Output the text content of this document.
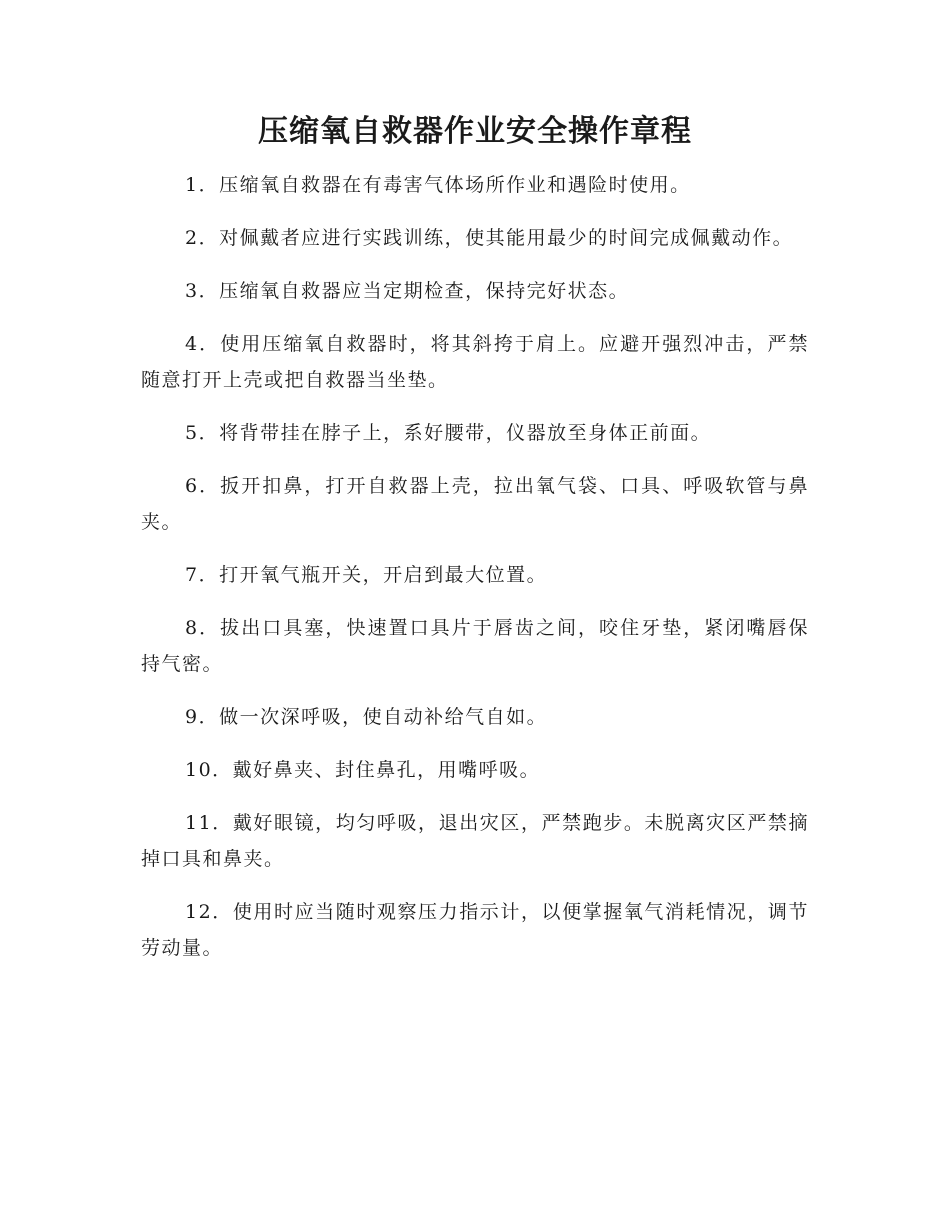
压缩氧自救器作业安全操作章程

1．压缩氧自救器在有毒害气体场所作业和遇险时使用。

2．对佩戴者应进行实践训练，使其能用最少的时间完成佩戴动作。

3．压缩氧自救器应当定期检查，保持完好状态。

4．使用压缩氧自救器时，将其斜挎于肩上。应避开强烈冲击，严禁随意打开上壳或把自救器当坐垫。

5．将背带挂在脖子上，系好腰带，仪器放至身体正前面。

6．扳开扣鼻，打开自救器上壳，拉出氧气袋、口具、呼吸软管与鼻夹。

7．打开氧气瓶开关，开启到最大位置。

8．拔出口具塞，快速置口具片于唇齿之间，咬住牙垫，紧闭嘴唇保持气密。

9．做一次深呼吸，使自动补给气自如。

10．戴好鼻夹、封住鼻孔，用嘴呼吸。

11．戴好眼镜，均匀呼吸，退出灾区，严禁跑步。未脱离灾区严禁摘掉口具和鼻夹。

12．使用时应当随时观察压力指示计，以便掌握氧气消耗情况，调节劳动量。
